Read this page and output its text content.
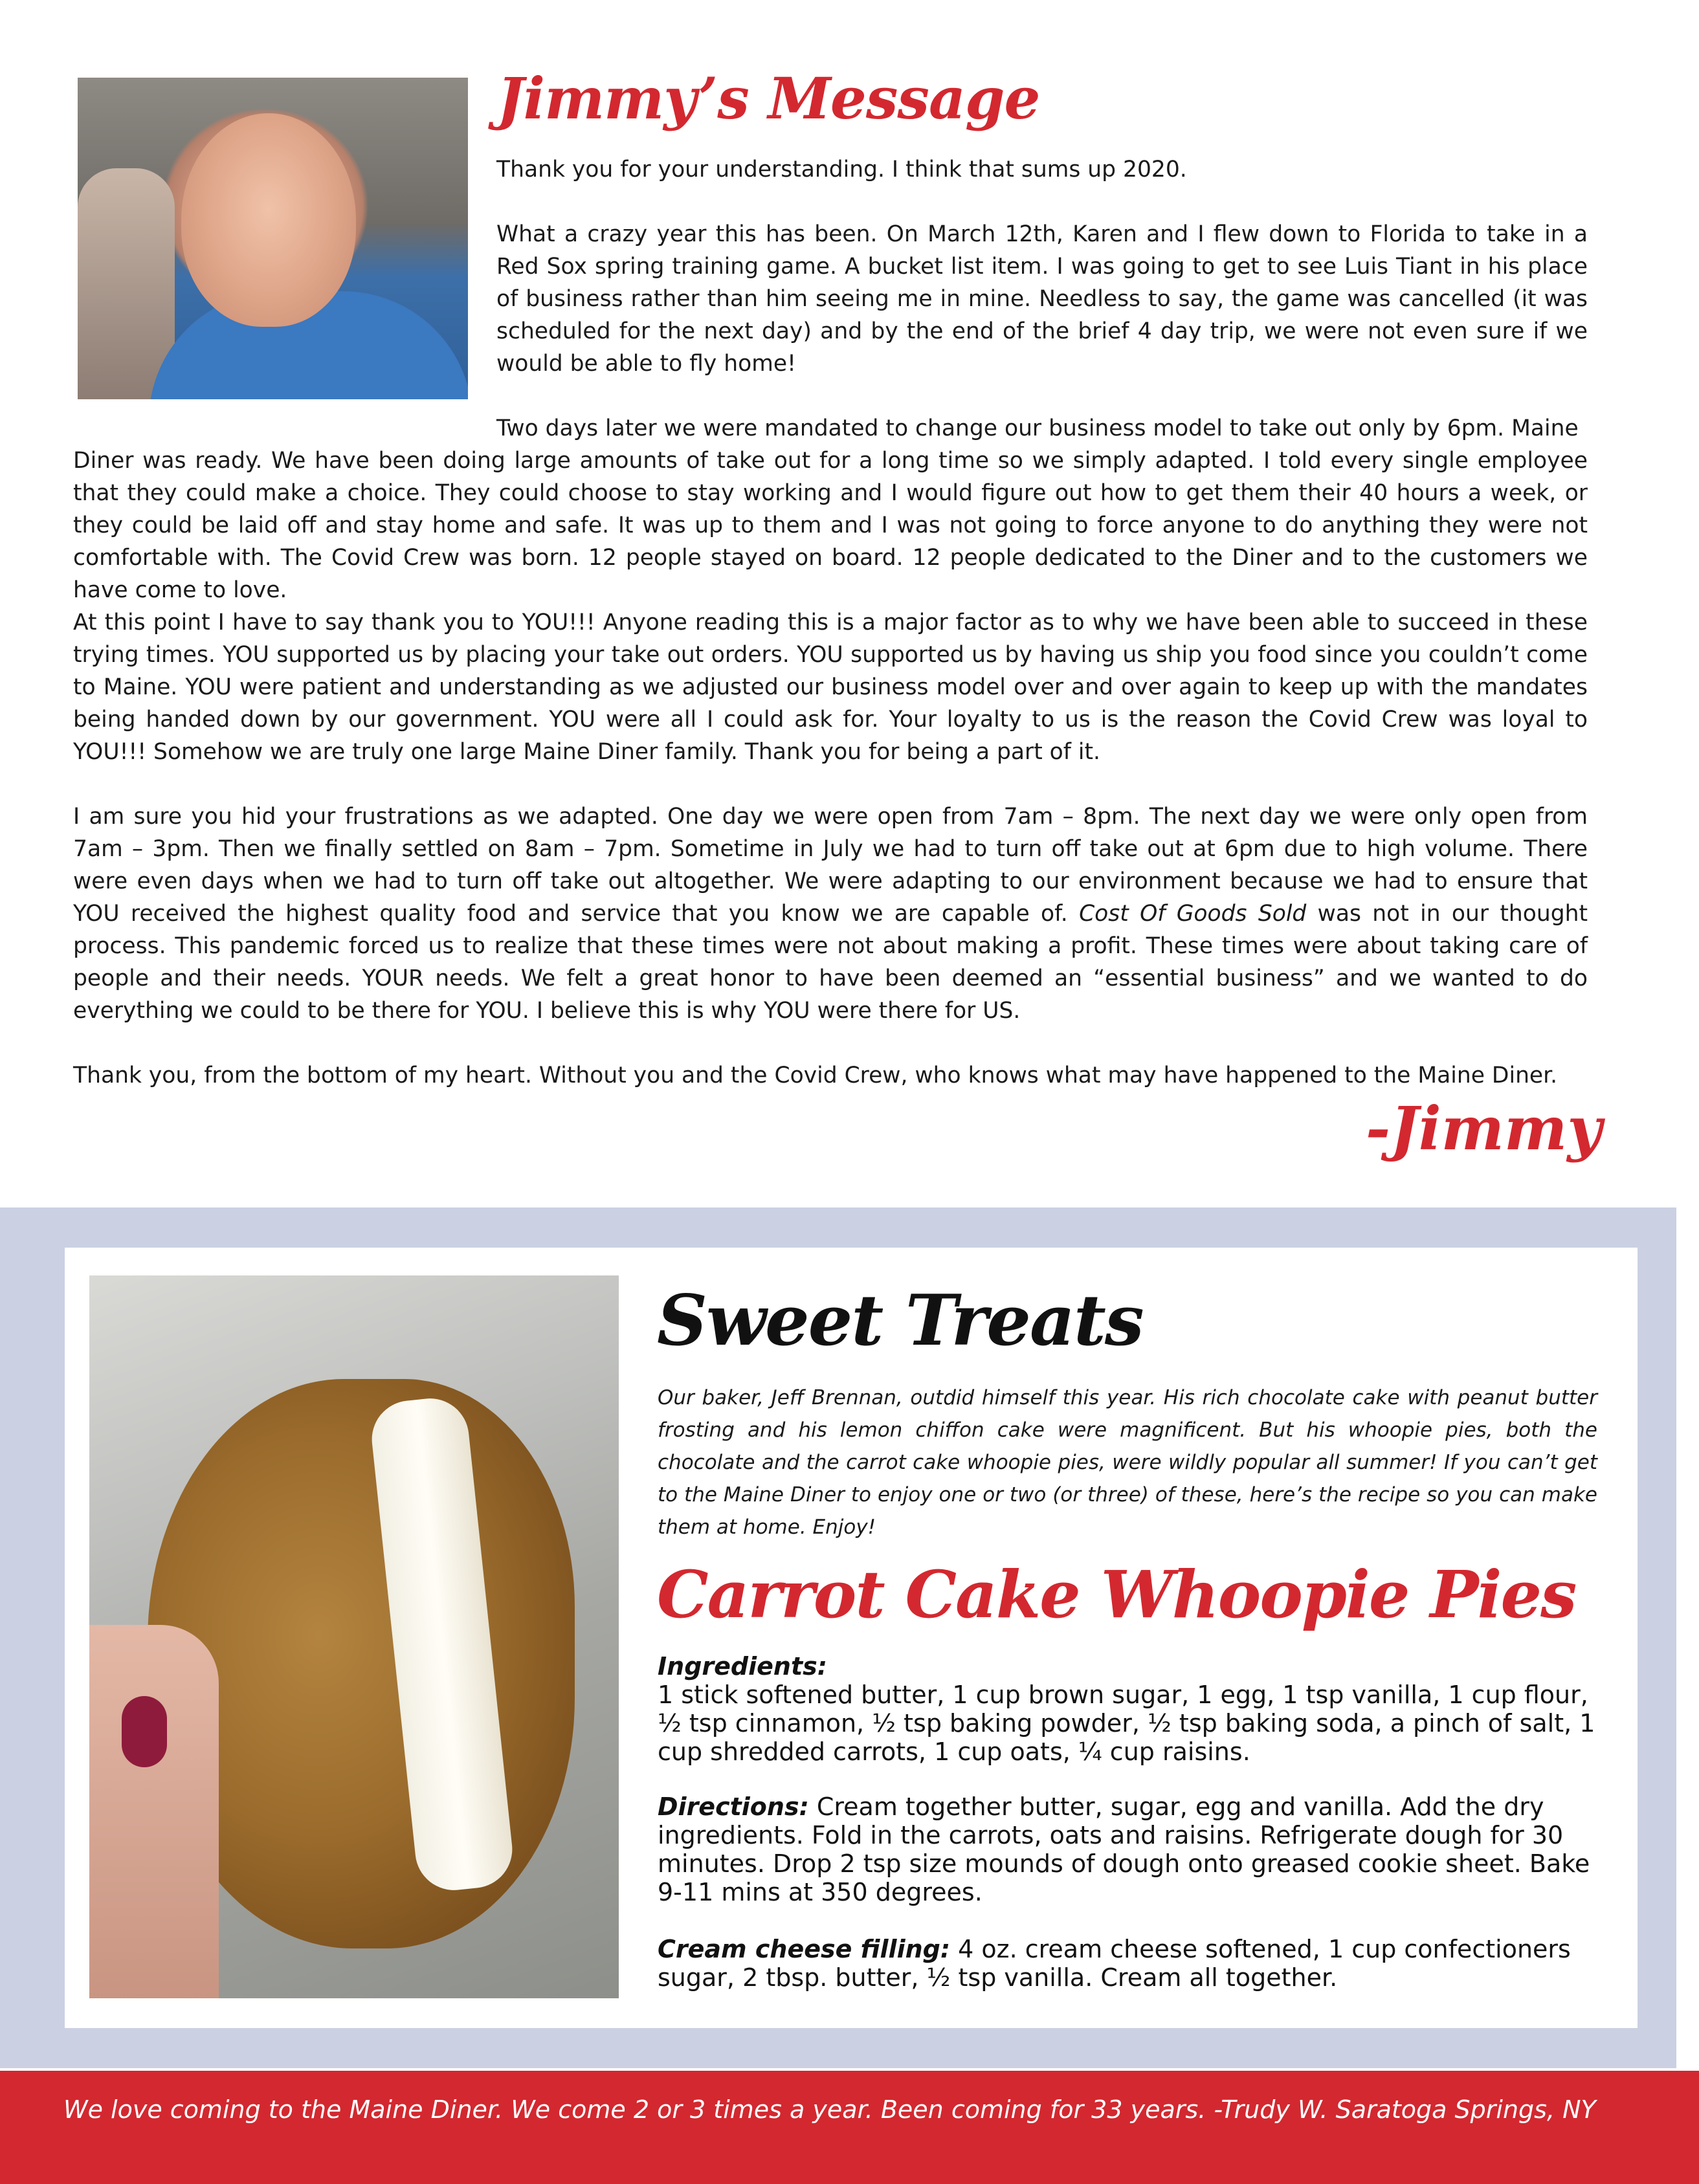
Jimmy’s Message

Thank you for your understanding. I think that sums up 2020.

What a crazy year this has been. On March 12th, Karen and I flew down to Florida to take in a Red Sox spring training game. A bucket list item. I was going to get to see Luis Tiant in his place of business rather than him seeing me in mine. Needless to say, the game was cancelled (it was scheduled for the next day) and by the end of the brief 4 day trip, we were not even sure if we would be able to fly home!

Two days later we were mandated to change our business model to take out only by 6pm. Maine

Diner was ready. We have been doing large amounts of take out for a long time so we simply adapted. I told every single employee that they could make a choice. They could choose to stay working and I would figure out how to get them their 40 hours a week, or they could be laid off and stay home and safe. It was up to them and I was not going to force anyone to do anything they were not comfortable with. The Covid Crew was born. 12 people stayed on board. 12 people dedicated to the Diner and to the customers we have come to love.

At this point I have to say thank you to YOU!!! Anyone reading this is a major factor as to why we have been able to succeed in these trying times. YOU supported us by placing your take out orders. YOU supported us by having us ship you food since you couldn’t come to Maine. YOU were patient and understanding as we adjusted our business model over and over again to keep up with the mandates being handed down by our government. YOU were all I could ask for. Your loyalty to us is the reason the Covid Crew was loyal to YOU!!! Somehow we are truly one large Maine Diner family. Thank you for being a part of it.

I am sure you hid your frustrations as we adapted. One day we were open from 7am – 8pm. The next day we were only open from 7am – 3pm. Then we finally settled on 8am – 7pm. Sometime in July we had to turn off take out at 6pm due to high volume. There were even days when we had to turn off take out altogether. We were adapting to our environment because we had to ensure that YOU received the highest quality food and service that you know we are capable of. Cost Of Goods Sold was not in our thought process. This pandemic forced us to realize that these times were not about making a profit. These times were about taking care of people and their needs. YOUR needs. We felt a great honor to have been deemed an “essential business” and we wanted to do everything we could to be there for YOU. I believe this is why YOU were there for US.

Thank you, from the bottom of my heart. Without you and the Covid Crew, who knows what may have happened to the Maine Diner.

-Jimmy

Sweet Treats

Our baker, Jeff Brennan, outdid himself this year. His rich chocolate cake with peanut butter frosting and his lemon chiffon cake were magnificent. But his whoopie pies, both the chocolate and the carrot cake whoopie pies, were wildly popular all summer! If you can’t get to the Maine Diner to enjoy one or two (or three) of these, here’s the recipe so you can make them at home. Enjoy!

Carrot Cake Whoopie Pies
Ingredients:
1 stick softened butter, 1 cup brown sugar, 1 egg, 1 tsp vanilla, 1 cup flour, ½ tsp cinnamon, ½ tsp baking powder, ½ tsp baking soda, a pinch of salt, 1 cup shredded carrots, 1 cup oats, ¼ cup raisins.

Directions: Cream together butter, sugar, egg and vanilla. Add the dry ingredients. Fold in the carrots, oats and raisins. Refrigerate dough for 30 minutes. Drop 2 tsp size mounds of dough onto greased cookie sheet. Bake 9-11 mins at 350 degrees.

Cream cheese filling: 4 oz. cream cheese softened, 1 cup confectioners sugar, 2 tbsp. butter, ½ tsp vanilla. Cream all together.

We love coming to the Maine Diner. We come 2 or 3 times a year. Been coming for 33 years. -Trudy W. Saratoga Springs, NY
